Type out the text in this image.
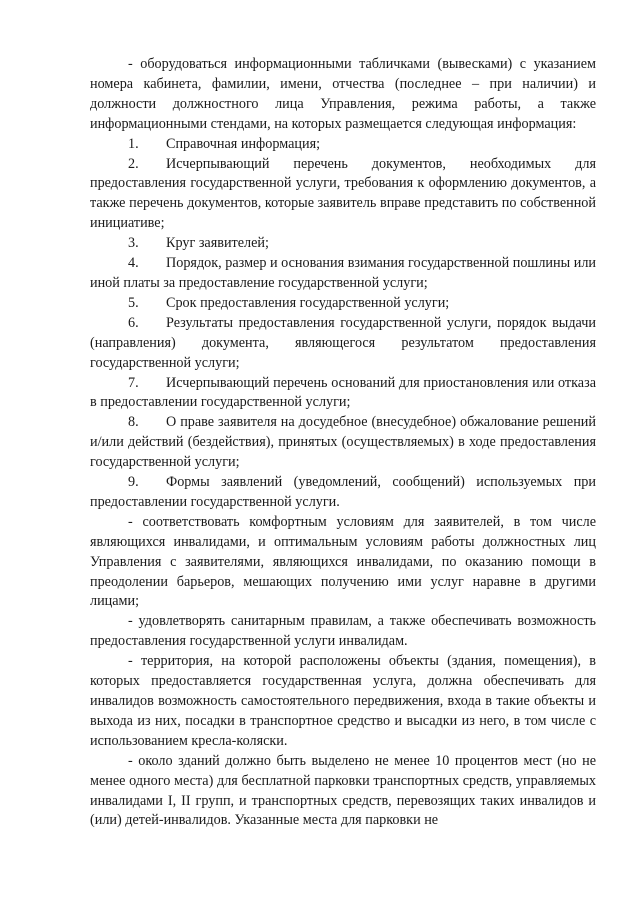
- оборудоваться информационными табличками (вывесками) с указанием номера кабинета, фамилии, имени, отчества (последнее – при наличии) и должности должностного лица Управления, режима работы, а также информационными стендами, на которых размещается следующая информация:

1. Справочная информация;

2. Исчерпывающий перечень документов, необходимых для предоставления государственной услуги, требования к оформлению документов, а также перечень документов, которые заявитель вправе представить по собственной инициативе;

3. Круг заявителей;

4. Порядок, размер и основания взимания государственной пошлины или иной платы за предоставление государственной услуги;

5. Срок предоставления государственной услуги;

6. Результаты предоставления государственной услуги, порядок выдачи (направления) документа, являющегося результатом предоставления государственной услуги;

7. Исчерпывающий перечень оснований для приостановления или отказа в предоставлении государственной услуги;

8. О праве заявителя на досудебное (внесудебное) обжалование решений и/или действий (бездействия), принятых (осуществляемых) в ходе предоставления государственной услуги;

9. Формы заявлений (уведомлений, сообщений) используемых при предоставлении государственной услуги.

- соответствовать комфортным условиям для заявителей, в том числе являющихся инвалидами, и оптимальным условиям работы должностных лиц Управления с заявителями, являющихся инвалидами, по оказанию помощи в преодолении барьеров, мешающих получению ими услуг наравне в другими лицами;

- удовлетворять санитарным правилам, а также обеспечивать возможность предоставления государственной услуги инвалидам.

- территория, на которой расположены объекты (здания, помещения), в которых предоставляется государственная услуга, должна обеспечивать для инвалидов возможность самостоятельного передвижения, входа в такие объекты и выхода из них, посадки в транспортное средство и высадки из него, в том числе с использованием кресла-коляски.

- около зданий должно быть выделено не менее 10 процентов мест (но не менее одного места) для бесплатной парковки транспортных средств, управляемых инвалидами I, II групп, и транспортных средств, перевозящих таких инвалидов и (или) детей-инвалидов. Указанные места для парковки не
